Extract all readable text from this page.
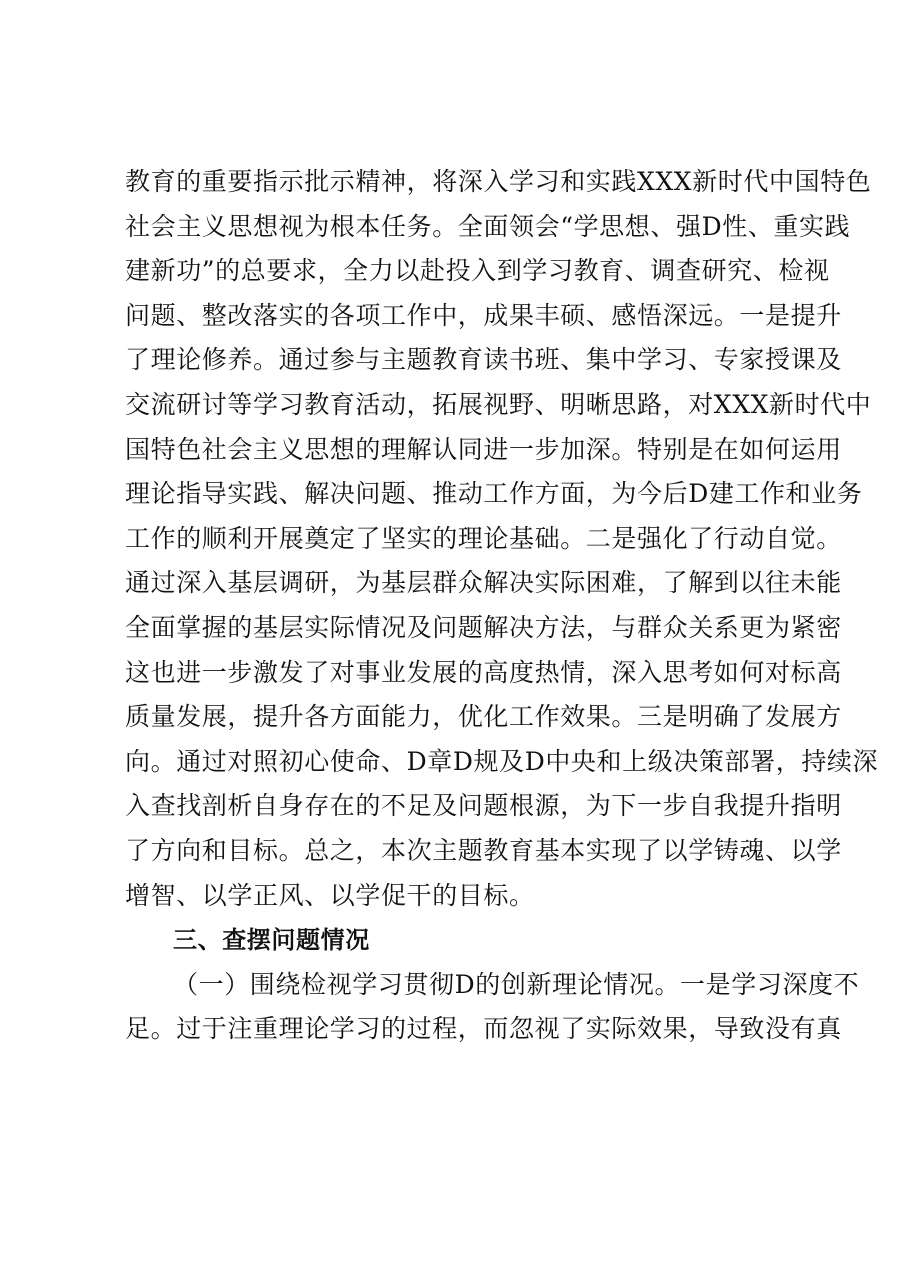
教育的重要指示批示精神，将深入学习和实践XXX新时代中国特色
社会主义思想视为根本任务。全面领会“学思想、强D性、重实践
建新功”的总要求，全力以赴投入到学习教育、调查研究、检视
问题、整改落实的各项工作中，成果丰硕、感悟深远。一是提升
了理论修养。通过参与主题教育读书班、集中学习、专家授课及
交流研讨等学习教育活动，拓展视野、明晰思路，对XXX新时代中
国特色社会主义思想的理解认同进一步加深。特别是在如何运用
理论指导实践、解决问题、推动工作方面，为今后D建工作和业务
工作的顺利开展奠定了坚实的理论基础。二是强化了行动自觉。
通过深入基层调研，为基层群众解决实际困难，了解到以往未能
全面掌握的基层实际情况及问题解决方法，与群众关系更为紧密
这也进一步激发了对事业发展的高度热情，深入思考如何对标高
质量发展，提升各方面能力，优化工作效果。三是明确了发展方
向。通过对照初心使命、D章D规及D中央和上级决策部署，持续深
入查找剖析自身存在的不足及问题根源，为下一步自我提升指明
了方向和目标。总之，本次主题教育基本实现了以学铸魂、以学
增智、以学正风、以学促干的目标。
三、查摆问题情况
（一）围绕检视学习贯彻D的创新理论情况。一是学习深度不
足。过于注重理论学习的过程，而忽视了实际效果，导致没有真
